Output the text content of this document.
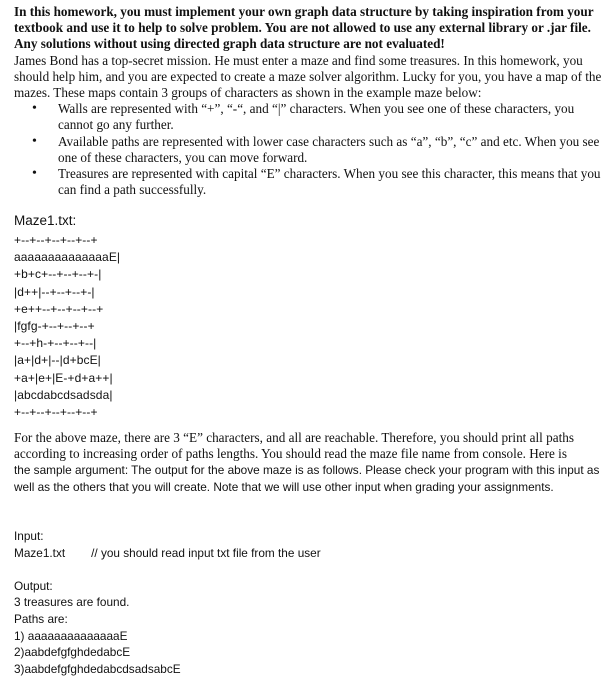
In this homework, you must implement your own graph data structure by taking inspiration from your textbook and use it to help to solve problem. You are not allowed to use any external library or .jar file. Any solutions without using directed graph data structure are not evaluated!

James Bond has a top-secret mission. He must enter a maze and find some treasures. In this homework, you should help him, and you are expected to create a maze solver algorithm. Lucky for you, you have a map of the mazes. These maps contain 3 groups of characters as shown in the example maze below:

• Walls are represented with “+”, “-“, and “|” characters. When you see one of these characters, you cannot go any further.
• Available paths are represented with lower case characters such as “a”, “b”, “c” and etc. When you see one of these characters, you can move forward.
• Treasures are represented with capital “E” characters. When you see this character, this means that you can find a path successfully.

Maze1.txt:

+--+--+--+--+--+

aaaaaaaaaaaaaaE|

+b+c+--+--+--+-|

|d++|--+--+--+-|

+e++--+--+--+--+

|fgfg-+--+--+--+

+--+h-+--+--+--|

|a+|d+|--|d+bcE|

+a+|e+|E-+d+a++|

|abcdabcdsadsda|

+--+--+--+--+--+

For the above maze, there are 3 “E” characters, and all are reachable. Therefore, you should print all paths according to increasing order of paths lengths. You should read the maze file name from console. Here is

the sample argument: The output for the above maze is as follows. Please check your program with this input as well as the others that you will create. Note that we will use other input when grading your assignments.

Input:

Maze1.txt // you should read input txt file from the user

Output:

3 treasures are found.

Paths are:

1) aaaaaaaaaaaaaaE

2)aabdefgfghdedabcE

3)aabdefgfghdedabcdsadsabcE
